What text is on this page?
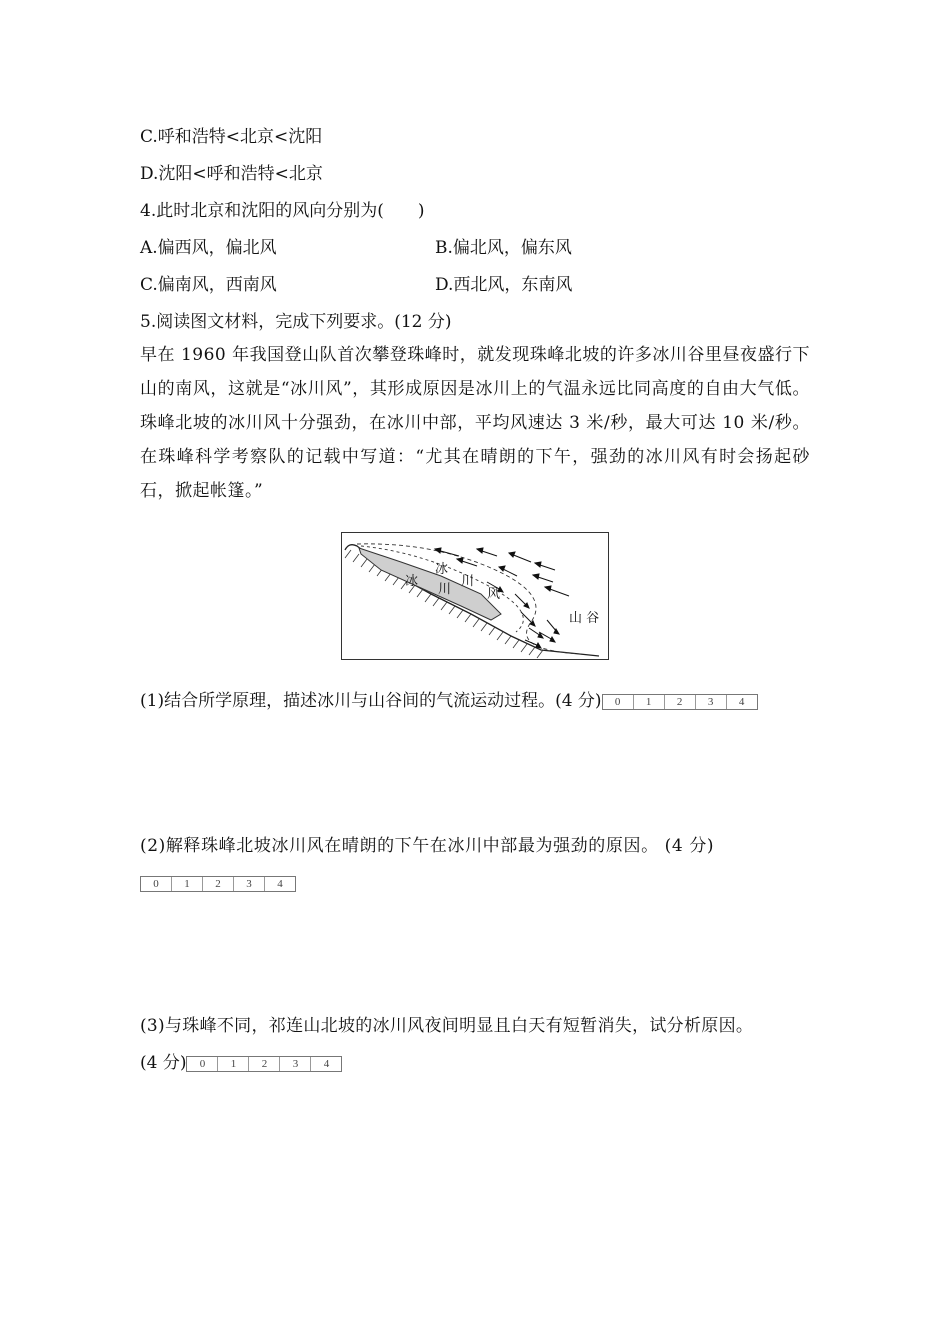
C.呼和浩特<北京<沈阳
D.沈阳<呼和浩特<北京
4.此时北京和沈阳的风向分别为(　　)
A.偏西风，偏北风	B.偏北风，偏东风
C.偏南风，西南风	D.西北风，东南风
5.阅读图文材料，完成下列要求。(12 分)
早在 1960 年我国登山队首次攀登珠峰时，就发现珠峰北坡的许多冰川谷里昼夜盛行下山的南风，这就是“冰川风”，其形成原因是冰川上的气温永远比同高度的自由大气低。珠峰北坡的冰川风十分强劲，在冰川中部，平均风速达 3 米/秒，最大可达 10 米/秒。在珠峰科学考察队的记载中写道：“尤其在晴朗的下午，强劲的冰川风有时会扬起砂石，掀起帐篷。”
冰
川
冰
川
风
山 谷
(1)结合所学原理，描述冰川与山谷间的气流运动过程。(4 分)	0	1	2	3	4
(2)解释珠峰北坡冰川风在晴朗的下午在冰川中部最为强劲的原因。 (4 分)
0	1	2	3	4
(3)与珠峰不同，祁连山北坡的冰川风夜间明显且白天有短暂消失，试分析原因。
(4 分)	0	1	2	3	4
